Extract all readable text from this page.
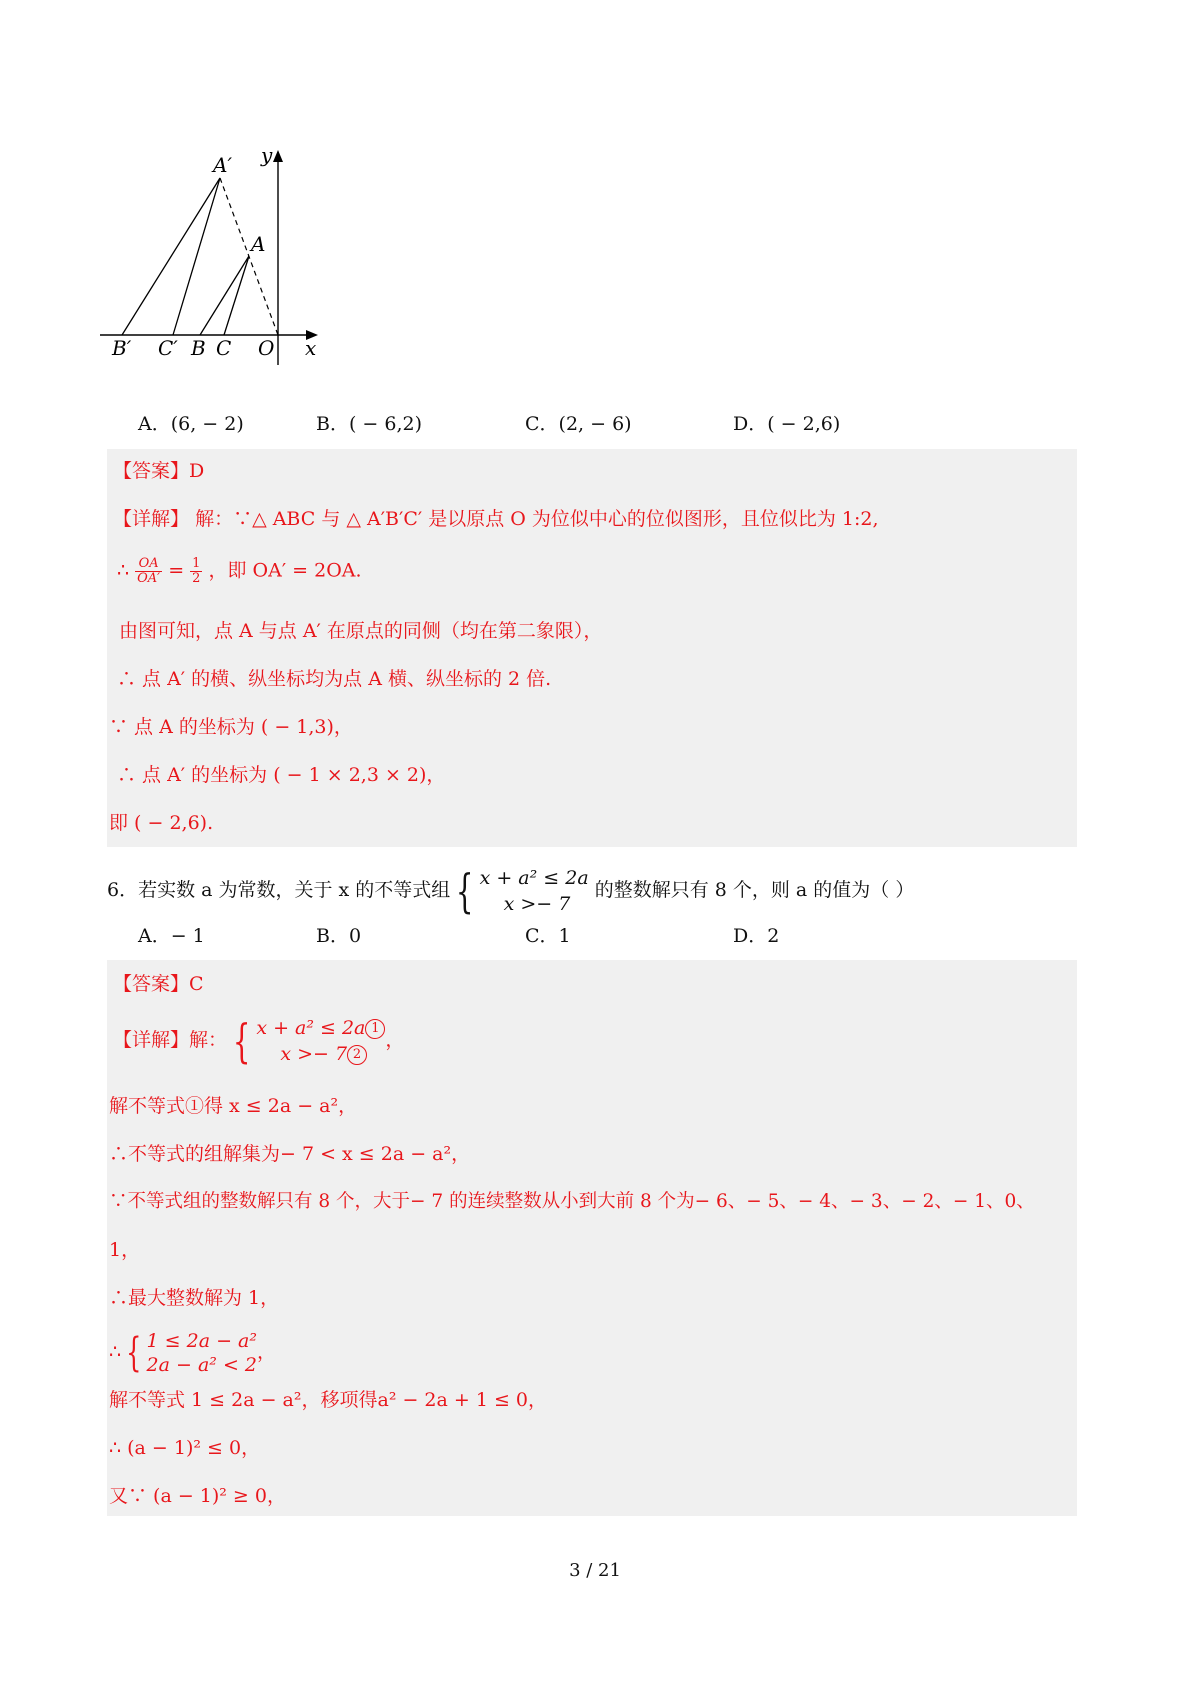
A′
A
y
B′ C′ B C O x
A．(6, − 2)	B．( − 6,2)	C．(2, − 6)	D．( − 2,6)
【答案】D
【详解】 解：∵△ ABC 与 △ A′B′C′ 是以原点 O 为位似中心的位似图形，且位似比为 1:2,
∴ $\frac{OA}{OA'} = \frac{1}{2}$ ，即 OA′ = 2OA.
由图可知，点 A 与点 A′ 在原点的同侧（均在第二象限），
∴ 点 A′ 的横、纵坐标均为点 A 横、纵坐标的 2 倍.
∵ 点 A 的坐标为 ( − 1,3)，
∴ 点 A′ 的坐标为 ( − 1 × 2,3 × 2)，
即 ( − 2,6).
6．若实数 a 为常数，关于 x 的不等式组 { x + a² ≤ 2a
x >− 7
的整数解只有 8 个，则 a 的值为（ ）
A．− 1	B．0	C．1	D．2
【答案】C
【详解】解： { x + a² ≤ 2a 1
x >− 7 2
，
解不等式①得 x ≤ 2a − a²，
∴不等式的组解集为− 7 < x ≤ 2a − a²，
∵不等式组的整数解只有 8 个，大于− 7 的连续整数从小到大前 8 个为− 6、− 5、− 4、− 3、− 2、− 1、0、
1，
∴最大整数解为 1，
∴ { 1 ≤ 2a − a²
2a − a² < 2
，
解不等式 1 ≤ 2a − a²，移项得a² − 2a + 1 ≤ 0，
∴ (a − 1)² ≤ 0，
又∵ (a − 1)² ≥ 0，
3 / 21
